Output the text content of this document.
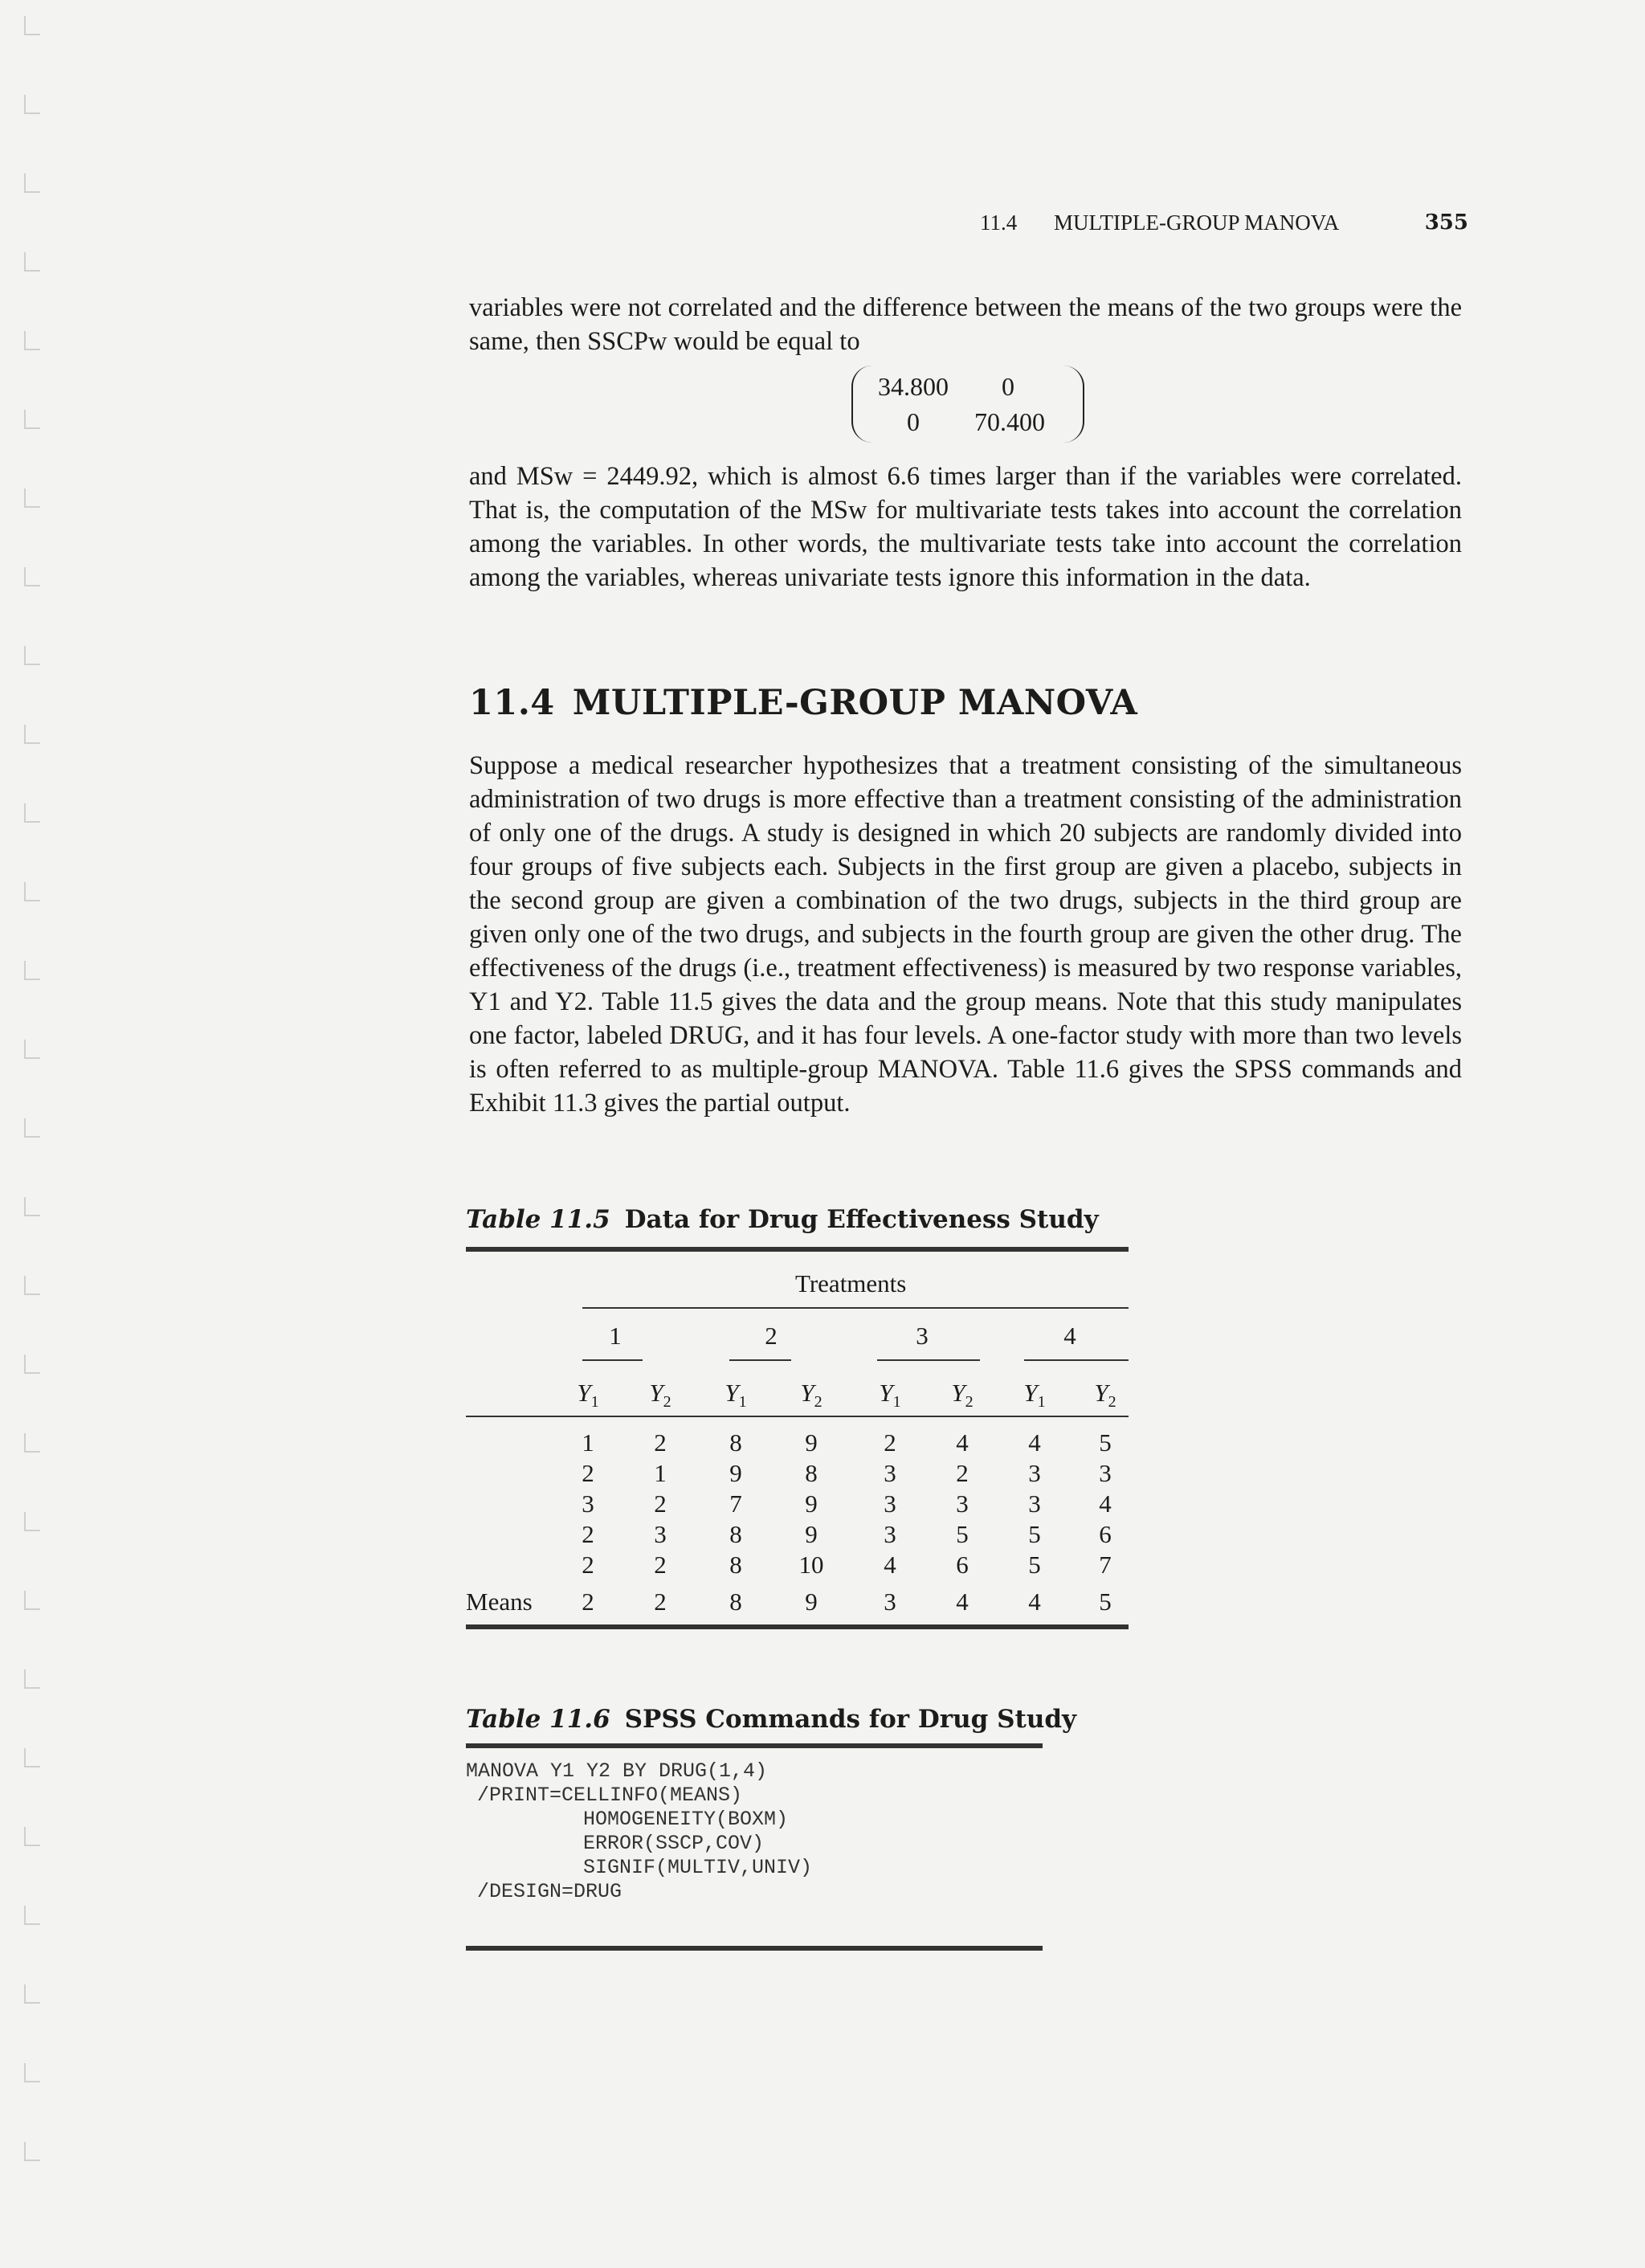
11.4 MULTIPLE-GROUP MANOVA	355
variables were not correlated and the difference between the means of the two groups were the same, then SSCPw would be equal to
34.800	0
0	70.400
and MSw = 2449.92, which is almost 6.6 times larger than if the variables were correlated. That is, the computation of the MSw for multivariate tests takes into account the correlation among the variables. In other words, the multivariate tests take into account the correlation among the variables, whereas univariate tests ignore this information in the data.
11.4 MULTIPLE-GROUP MANOVA
Suppose a medical researcher hypothesizes that a treatment consisting of the simultaneous administration of two drugs is more effective than a treatment consisting of the administration of only one of the drugs. A study is designed in which 20 subjects are randomly divided into four groups of five subjects each. Subjects in the first group are given a placebo, subjects in the second group are given a combination of the two drugs, subjects in the third group are given only one of the two drugs, and subjects in the fourth group are given the other drug. The effectiveness of the drugs (i.e., treatment effectiveness) is measured by two response variables, Y1 and Y2. Table 11.5 gives the data and the group means. Note that this study manipulates one factor, labeled DRUG, and it has four levels. A one-factor study with more than two levels is often referred to as multiple-group MANOVA. Table 11.6 gives the SPSS commands and Exhibit 11.3 gives the partial output.
Table 11.5 Data for Drug Effectiveness Study
Treatments
1	2	3	4
$Y_1$ $Y_2$ $Y_1$ $Y_2$ $Y_1$ $Y_2$ $Y_1$ $Y_2$
1	2	8	9	2	4	4	5
2	1	9	8	3	2	3	3
3	2	7	9	3	3	3	4
2	3	8	9	3	5	5	6
2	2	8	10	4	6	5	7
Means	2	2	8	9	3	4	4	5
Table 11.6 SPSS Commands for Drug Study
MANOVA Y1 Y2 BY DRUG(1,4)
/PRINT=CELLINFO(MEANS)
HOMOGENEITY(BOXM)
ERROR(SSCP,COV)
SIGNIF(MULTIV,UNIV)
/DESIGN=DRUG
